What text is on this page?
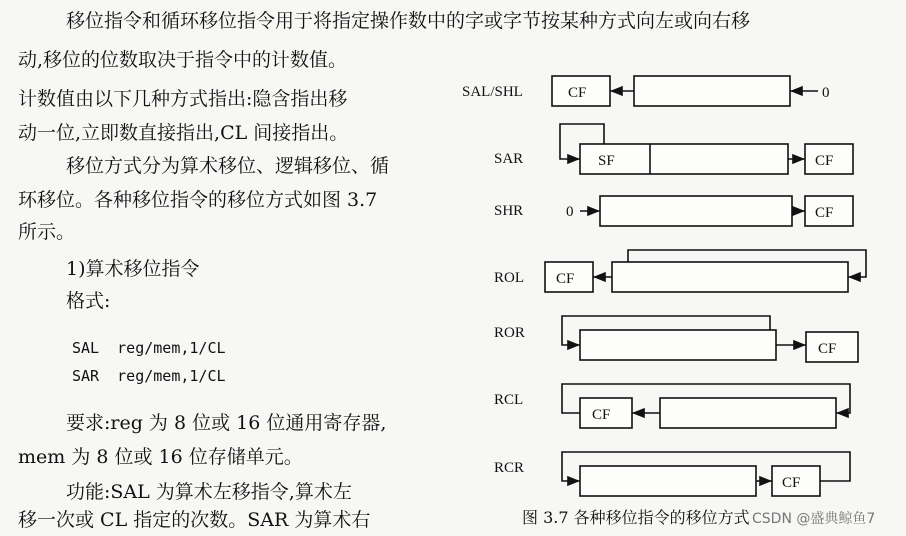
移位指令和循环移位指令用于将指定操作数中的字或字节按某种方式向左或向右移
动,移位的位数取决于指令中的计数值。
计数值由以下几种方式指出:隐含指出移
动一位,立即数直接指出,CL 间接指出。
移位方式分为算术移位、逻辑移位、循
环移位。各种移位指令的移位方式如图 3.7
所示。
1)算术移位指令
格式:
SAL  reg/mem,1/CL
SAR  reg/mem,1/CL
要求:reg 为 8 位或 16 位通用寄存器,
mem 为 8 位或 16 位存储单元。
功能:SAL 为算术左移指令,算术左
移一次或 CL 指定的次数。SAR 为算术右
SAL/SHL
SAR
SHR
ROL
ROR
RCL
RCR
CF	0
SF	CF
0	CF
CF
CF
CF
CF
图 3.7 各种移位指令的移位方式 CSDN @盛典鲸鱼7
